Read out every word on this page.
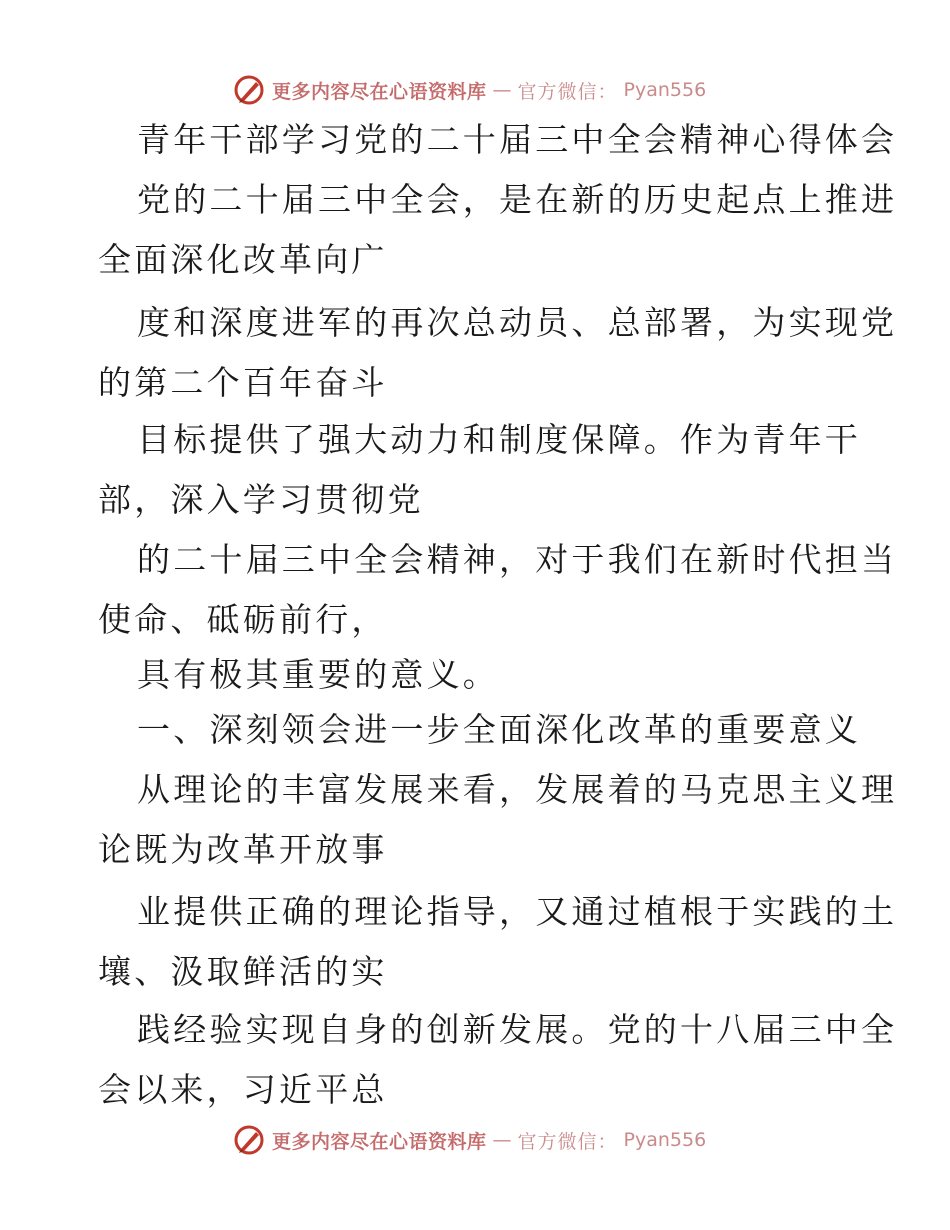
更多内容尽在心语资料库 — 官方微信： Pyan556
青年干部学习党的二十届三中全会精神心得体会
党的二十届三中全会，是在新的历史起点上推进
全面深化改革向广
度和深度进军的再次总动员、总部署，为实现党
的第二个百年奋斗
目标提供了强大动力和制度保障。作为青年干
部，深入学习贯彻党
的二十届三中全会精神，对于我们在新时代担当
使命、砥砺前行，
具有极其重要的意义。
一、深刻领会进一步全面深化改革的重要意义
从理论的丰富发展来看，发展着的马克思主义理
论既为改革开放事
业提供正确的理论指导，又通过植根于实践的土
壤、汲取鲜活的实
践经验实现自身的创新发展。党的十八届三中全
会以来，习近平总
更多内容尽在心语资料库 — 官方微信： Pyan556
